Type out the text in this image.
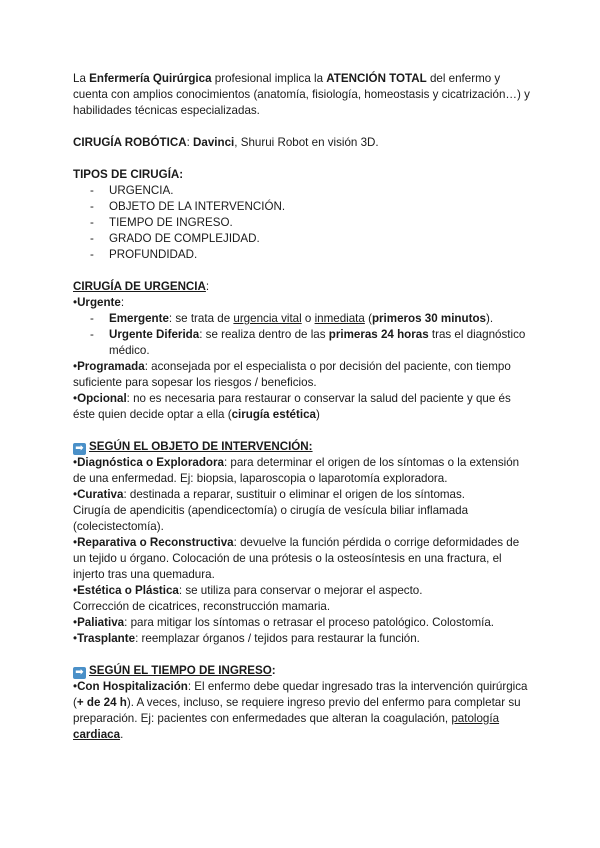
La Enfermería Quirúrgica profesional implica la ATENCIÓN TOTAL del enfermo y cuenta con amplios conocimientos (anatomía, fisiología, homeostasis y cicatrización…) y habilidades técnicas especializadas.

CIRUGÍA ROBÓTICA: Davinci, Shurui Robot en visión 3D.

TIPOS DE CIRUGÍA:

- URGENCIA.
- OBJETO DE LA INTERVENCIÓN.
- TIEMPO DE INGRESO.
- GRADO DE COMPLEJIDAD.
- PROFUNDIDAD.

CIRUGÍA DE URGENCIA:

•Urgente:

- Emergente: se trata de urgencia vital o inmediata (primeros 30 minutos).
- Urgente Diferida: se realiza dentro de las primeras 24 horas tras el diagnóstico médico.

•Programada: aconsejada por el especialista o por decisión del paciente, con tiempo suficiente para sopesar los riesgos / beneficios.

•Opcional: no es necesaria para restaurar o conservar la salud del paciente y que és éste quien decide optar a ella (cirugía estética)

➡ SEGÚN EL OBJETO DE INTERVENCIÓN:

•Diagnóstica o Exploradora: para determinar el origen de los síntomas o la extensión de una enfermedad. Ej: biopsia, laparoscopia o laparotomía exploradora.

•Curativa: destinada a reparar, sustituir o eliminar el origen de los síntomas.

Cirugía de apendicitis (apendicectomía) o cirugía de vesícula biliar inflamada (colecistectomía).

•Reparativa o Reconstructiva: devuelve la función pérdida o corrige deformidades de un tejido u órgano. Colocación de una prótesis o la osteosíntesis en una fractura, el injerto tras una quemadura.

•Estética o Plástica: se utiliza para conservar o mejorar el aspecto.

Corrección de cicatrices, reconstrucción mamaria.

•Paliativa: para mitigar los síntomas o retrasar el proceso patológico. Colostomía.

•Trasplante: reemplazar órganos / tejidos para restaurar la función.

➡ SEGÚN EL TIEMPO DE INGRESO:

•Con Hospitalización: El enfermo debe quedar ingresado tras la intervención quirúrgica (+ de 24 h). A veces, incluso, se requiere ingreso previo del enfermo para completar su preparación. Ej: pacientes con enfermedades que alteran la coagulación, patología cardiaca.
